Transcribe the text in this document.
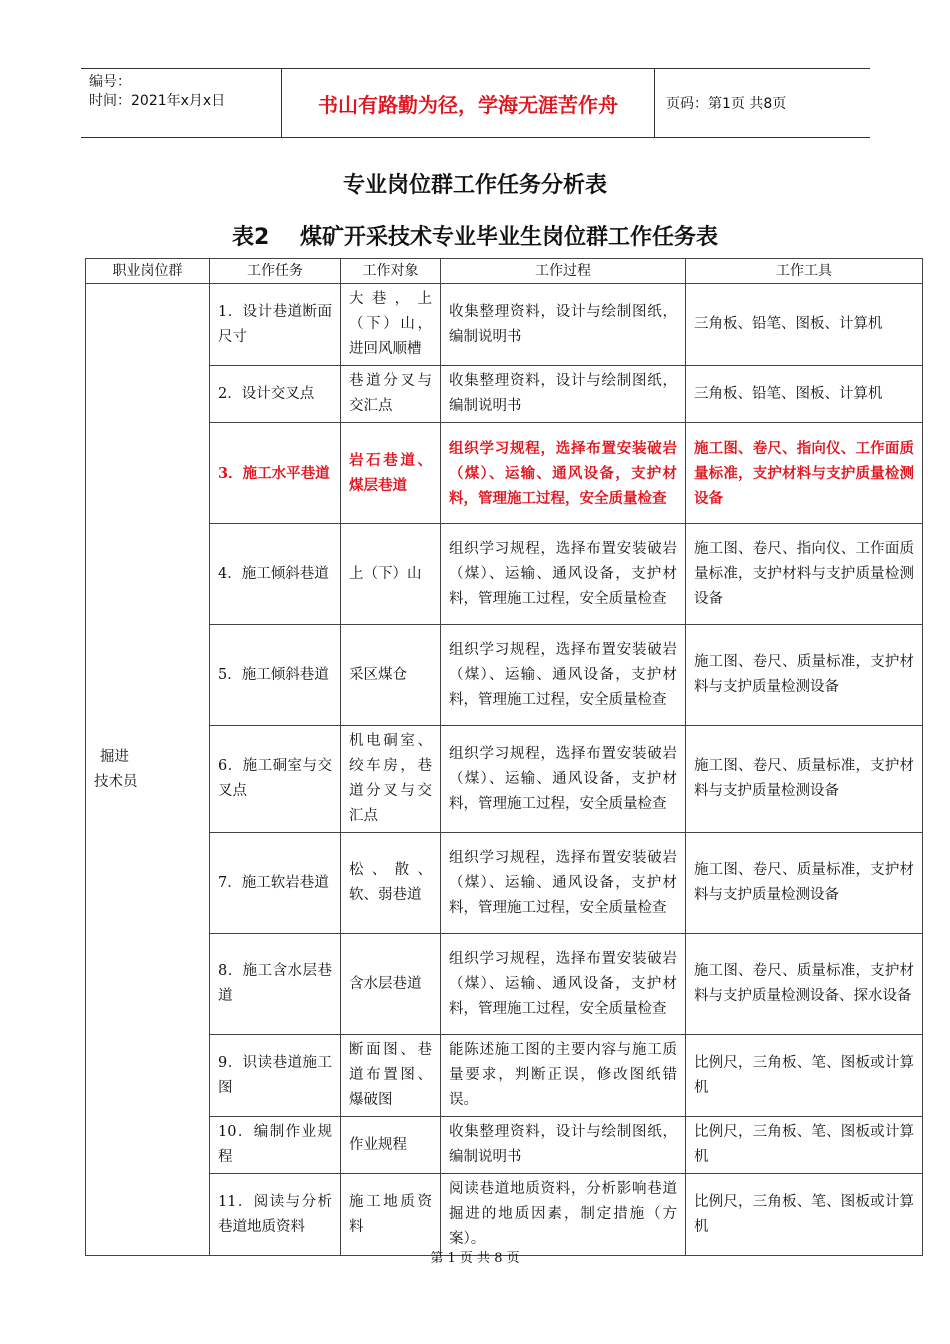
编号：
时间：2021年x月x日	书山有路勤为径，学海无涯苦作舟	页码：第1页 共8页
专业岗位群工作任务分析表
表2    煤矿开采技术专业毕业生岗位群工作任务表
职业岗位群	工作任务	工作对象	工作过程	工作工具

掘进
技术员	1．设计巷道断面尺寸	大巷，上（下）山，进回风顺槽	收集整理资料，设计与绘制图纸，编制说明书	三角板、铅笔、图板、计算机
	2．设计交叉点	巷道分叉与交汇点	收集整理资料，设计与绘制图纸，编制说明书	三角板、铅笔、图板、计算机
	3．施工水平巷道	岩石巷道、煤层巷道	组织学习规程，选择布置安装破岩（煤）、运输、通风设备，支护材料，管理施工过程，安全质量检查	施工图、卷尺、指向仪、工作面质量标准，支护材料与支护质量检测设备
	4．施工倾斜巷道	上（下）山	组织学习规程，选择布置安装破岩（煤）、运输、通风设备，支护材料，管理施工过程，安全质量检查	施工图、卷尺、指向仪、工作面质量标准，支护材料与支护质量检测设备
	5．施工倾斜巷道	采区煤仓	组织学习规程，选择布置安装破岩（煤）、运输、通风设备，支护材料，管理施工过程，安全质量检查	施工图、卷尺、质量标准，支护材料与支护质量检测设备
	6．施工硐室与交叉点	机电硐室、绞车房，巷道分叉与交汇点	组织学习规程，选择布置安装破岩（煤）、运输、通风设备，支护材料，管理施工过程，安全质量检查	施工图、卷尺、质量标准，支护材料与支护质量检测设备
	7．施工软岩巷道	松、散、软、弱巷道	组织学习规程，选择布置安装破岩（煤）、运输、通风设备，支护材料，管理施工过程，安全质量检查	施工图、卷尺、质量标准，支护材料与支护质量检测设备
	8．施工含水层巷道	含水层巷道	组织学习规程，选择布置安装破岩（煤）、运输、通风设备，支护材料，管理施工过程，安全质量检查	施工图、卷尺、质量标准，支护材料与支护质量检测设备、探水设备
	9．识读巷道施工图	断面图、巷道布置图、爆破图	能陈述施工图的主要内容与施工质量要求，判断正误，修改图纸错误。	比例尺，三角板、笔、图板或计算机
	10．编制作业规程	作业规程	收集整理资料，设计与绘制图纸，编制说明书	比例尺，三角板、笔、图板或计算机
	11．阅读与分析巷道地质资料	施工地质资料	阅读巷道地质资料，分析影响巷道掘进的地质因素，制定措施（方案）。	比例尺，三角板、笔、图板或计算机
第 1 页 共 8 页
